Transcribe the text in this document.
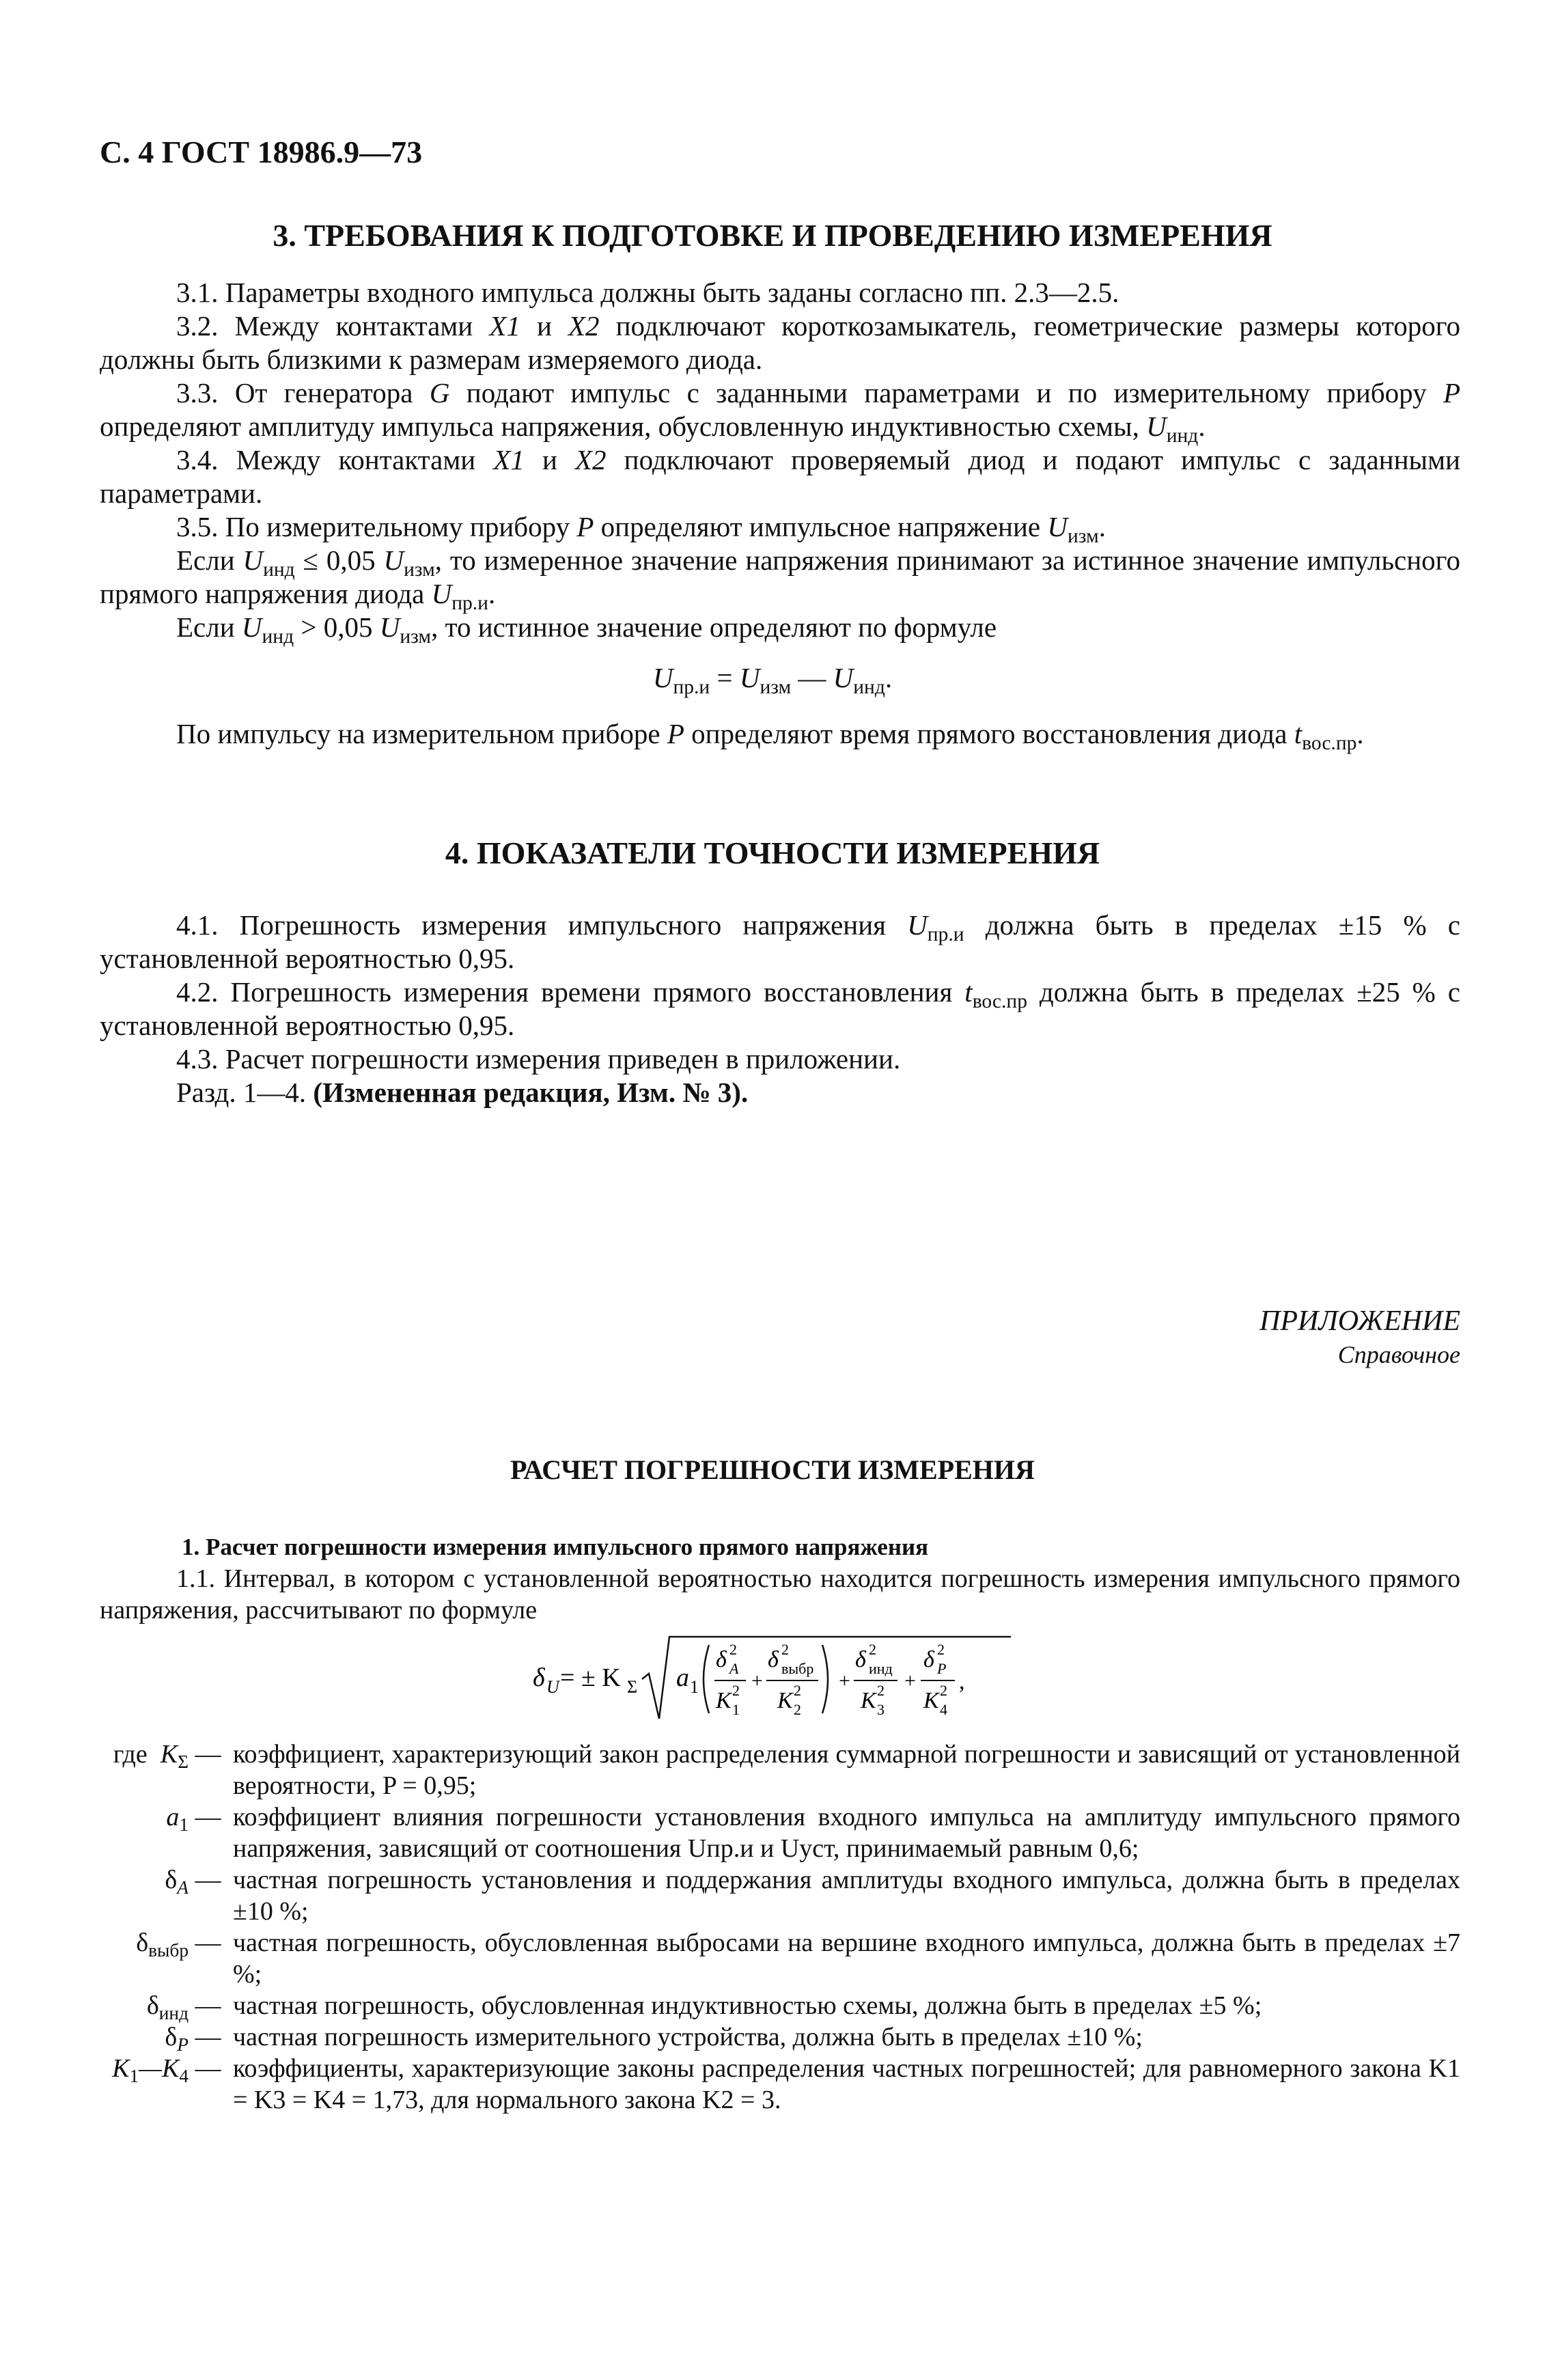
С. 4 ГОСТ 18986.9—73
3. ТРЕБОВАНИЯ К ПОДГОТОВКЕ И ПРОВЕДЕНИЮ ИЗМЕРЕНИЯ
3.1. Параметры входного импульса должны быть заданы согласно пп. 2.3—2.5.
3.2. Между контактами X1 и X2 подключают короткозамыкатель, геометрические размеры которого должны быть близкими к размерам измеряемого диода.
3.3. От генератора G подают импульс с заданными параметрами и по измерительному прибору P определяют амплитуду импульса напряжения, обусловленную индуктивностью схемы, $U_{инд}$.
3.4. Между контактами X1 и X2 подключают проверяемый диод и подают импульс с заданными параметрами.
3.5. По измерительному прибору P определяют импульсное напряжение $U_{изм}$.
Если $U_{инд} \le 0,05$ $U_{изм}$, то измеренное значение напряжения принимают за истинное значение импульсного прямого напряжения диода $U_{пр.и}$.
Если $U_{инд} > 0,05$ $U_{изм}$, то истинное значение определяют по формуле
$U_{пр.и} = U_{изм}$ — $U_{инд}$.
По импульсу на измерительном приборе P определяют время прямого восстановления диода $t_{вос.пр}$.
4. ПОКАЗАТЕЛИ ТОЧНОСТИ ИЗМЕРЕНИЯ
4.1. Погрешность измерения импульсного напряжения $U_{пр.и}$ должна быть в пределах ±15 % с установленной вероятностью 0,95.
4.2. Погрешность измерения времени прямого восстановления $t_{вос.пр}$ должна быть в пределах ±25 % с установленной вероятностью 0,95.
4.3. Расчет погрешности измерения приведен в приложении.
Разд. 1—4. (Измененная редакция, Изм. № 3).
ПРИЛОЖЕНИЕ
Справочное
РАСЧЕТ ПОГРЕШНОСТИ ИЗМЕРЕНИЯ
1. Расчет погрешности измерения импульсного прямого напряжения
1.1. Интервал, в котором с установленной вероятностью находится погрешность измерения импульсного прямого напряжения, рассчитывают по формуле
δ U = ± K Σ a 1
δ 2
A
K 2
1
+
δ 2
выбр
K 2
2
+
δ 2
инд
K 2
3
+
δ 2
P
K 2
4
,
где $K_\Sigma$ — коэффициент, характеризующий закон распределения суммарной погрешности и зависящий от установленной вероятности, P = 0,95;
$a_1$ — коэффициент влияния погрешности установления входного импульса на амплитуду импульсного прямого напряжения, зависящий от соотношения Uпр.и и Uуст, принимаемый равным 0,6;
$\delta_A$ — частная погрешность установления и поддержания амплитуды входного импульса, должна быть в пределах ±10 %;
$\delta_{выбр}$ — частная погрешность, обусловленная выбросами на вершине входного импульса, должна быть в пределах ±7 %;
$\delta_{инд}$ — частная погрешность, обусловленная индуктивностью схемы, должна быть в пределах ±5 %;
$\delta_P$ — частная погрешность измерительного устройства, должна быть в пределах ±10 %;
$K_1—K_4$ — коэффициенты, характеризующие законы распределения частных погрешностей; для равномерного закона K1 = K3 = K4 = 1,73, для нормального закона K2 = 3.
